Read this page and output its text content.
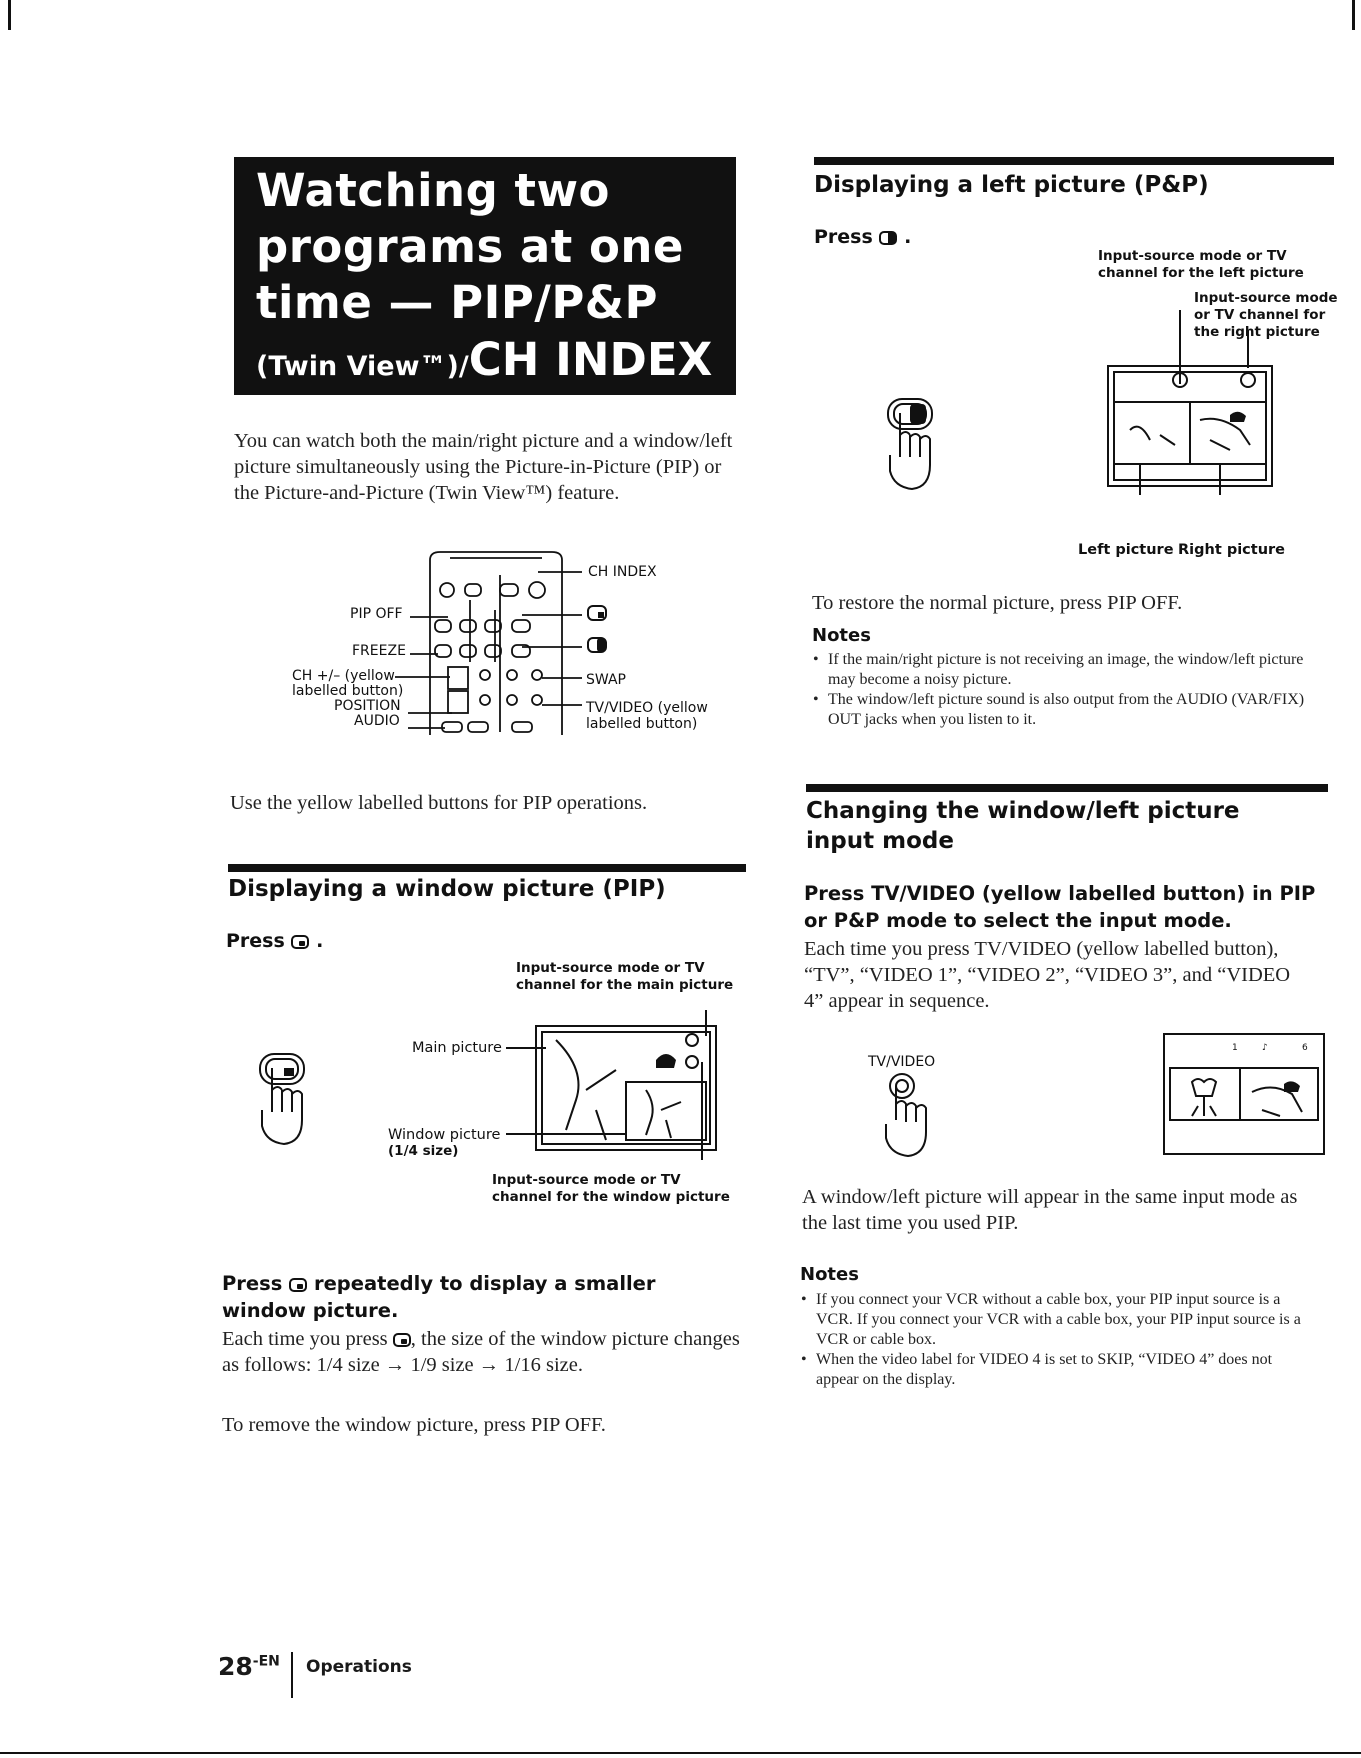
Watching two
programs at one
time — PIP/P&P
(Twin View™)/CH INDEX
You can watch both the main/right picture and a window/left picture simultaneously using the Picture-in-Picture (PIP) or the Picture-and-Picture (Twin View™) feature.
PIP OFF
FREEZE
CH +/– (yellow
labelled button)
POSITION
AUDIO
CH INDEX
SWAP
TV/VIDEO (yellow
labelled button)
Use the yellow labelled buttons for PIP operations.
Displaying a window picture (PIP)
Press .
Input-source mode or TV
channel for the main picture
Main picture
Window picture
(1/4 size)
Input-source mode or TV
channel for the window picture
Press repeatedly to display a smaller
window picture.
Each time you press , the size of the window picture changes as follows: 1/4 size → 1/9 size → 1/16 size.
To remove the window picture, press PIP OFF.
Displaying a left picture (P&P)
Press .
Input-source mode or TV
channel for the left picture
Input-source mode
or TV channel for
the right picture
Left picture Right picture
To restore the normal picture, press PIP OFF.
Notes
• If the main/right picture is not receiving an image, the window/left picture may become a noisy picture.
• The window/left picture sound is also output from the AUDIO (VAR/FIX) OUT jacks when you listen to it.
Changing the window/left picture
input mode
Press TV/VIDEO (yellow labelled button) in PIP or P&P mode to select the input mode.
Each time you press TV/VIDEO (yellow labelled button), “TV”, “VIDEO 1”, “VIDEO 2”, “VIDEO 3”, and “VIDEO 4” appear in sequence.
TV/VIDEO
1	♪	6
A window/left picture will appear in the same input mode as the last time you used PIP.
Notes
• If you connect your VCR without a cable box, your PIP input source is a VCR. If you connect your VCR with a cable box, your PIP input source is a VCR or cable box.
• When the video label for VIDEO 4 is set to SKIP, “VIDEO 4” does not appear on the display.
$28^{-EN}$ Operations
